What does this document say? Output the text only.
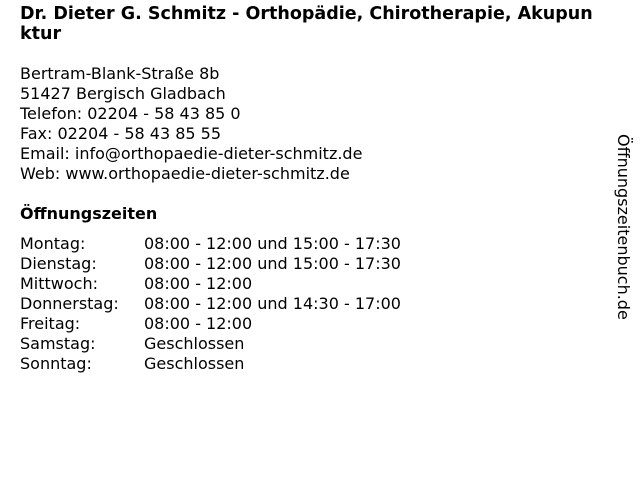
Dr. Dieter G. Schmitz - Orthopädie, Chirotherapie, Akupunktur
Bertram-Blank-Straße 8b
51427 Bergisch Gladbach
Telefon: 02204 - 58 43 85 0
Fax: 02204 - 58 43 85 55
Email: info@orthopaedie-dieter-schmitz.de
Web: www.orthopaedie-dieter-schmitz.de
Öffnungszeiten
Montag:	08:00 - 12:00 und 15:00 - 17:30
Dienstag:	08:00 - 12:00 und 15:00 - 17:30
Mittwoch:	08:00 - 12:00
Donnerstag:	08:00 - 12:00 und 14:30 - 17:00
Freitag:	08:00 - 12:00
Samstag:	Geschlossen
Sonntag:	Geschlossen
Öffnungszeitenbuch.de
